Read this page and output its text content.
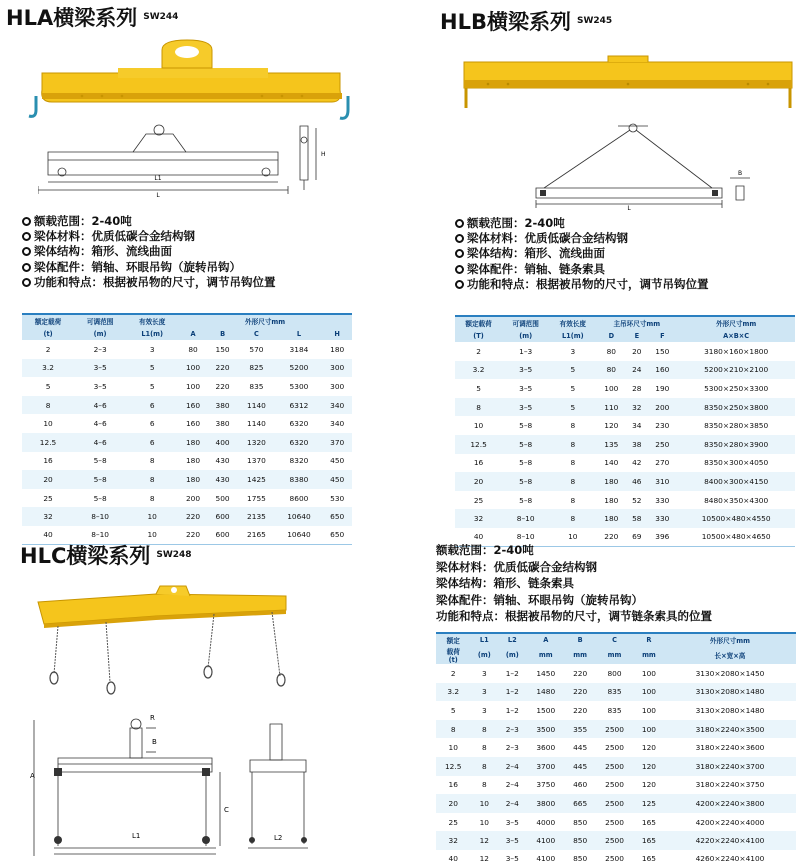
HLA横梁系列 SW244
L
L1
H
额载范围：2-40吨
梁体材料：优质低碳合金结构钢
梁体结构：箱形、流线曲面
梁体配件：销轴、环眼吊钩（旋转吊钩）
功能和特点：根据被吊物的尺寸，调节吊钩位置
额定载荷	可调范围	有效长度	外形尺寸mm				
(t)	(m)	L1(m)	A	B	C	L	H
2	2–3	3	80	150	570	3184	180
3.2	3–5	5	100	220	825	5200	300
5	3–5	5	100	220	835	5300	300
8	4–6	6	160	380	1140	6312	340
10	4–6	6	160	380	1140	6320	340
12.5	4–6	6	180	400	1320	6320	370
16	5–8	8	180	430	1370	8320	450
20	5–8	8	180	430	1425	8380	450
25	5–8	8	200	500	1755	8600	530
32	8–10	10	220	600	2135	10640	650
40	8–10	10	220	600	2165	10640	650
HLB横梁系列 SW245
L
B
额载范围：2-40吨
梁体材料：优质低碳合金结构钢
梁体结构：箱形、流线曲面
梁体配件：销轴、链条索具
功能和特点：根据被吊物的尺寸，调节吊钩位置
额定载荷	可调范围	有效长度	主吊环尺寸mm			外形尺寸mm
(T)	(m)	L1(m)	D	E	F	A×B×C
2	1–3	3	80	20	150	3180×160×1800
3.2	3–5	5	80	24	160	5200×210×2100
5	3–5	5	100	28	190	5300×250×3300
8	3–5	5	110	32	200	8350×250×3800
10	5–8	8	120	34	230	8350×280×3850
12.5	5–8	8	135	38	250	8350×280×3900
16	5–8	8	140	42	270	8350×300×4050
20	5–8	8	180	46	310	8400×300×4150
25	5–8	8	180	52	330	8480×350×4300
32	8–10	8	180	58	330	10500×480×4550
40	8–10	10	220	69	396	10500×480×4650
HLC横梁系列 SW248
R
B
A
C
L1	L2
额载范围：2-40吨
梁体材料：优质低碳合金结构钢
梁体结构：箱形、链条索具
梁体配件：销轴、环眼吊钩（旋转吊钩）
功能和特点：根据被吊物的尺寸，调节链条索具的位置
额定	L1	L2	A	B	C	R	外形尺寸mm
载荷
(t)	(m)	(m)	mm	mm	mm	mm	长×宽×高
2	3	1–2	1450	220	800	100	3130×2080×1450
3.2	3	1–2	1480	220	835	100	3130×2080×1480
5	3	1–2	1500	220	835	100	3130×2080×1480
8	8	2–3	3500	355	2500	100	3180×2240×3500
10	8	2–3	3600	445	2500	120	3180×2240×3600
12.5	8	2–4	3700	445	2500	120	3180×2240×3700
16	8	2–4	3750	460	2500	120	3180×2240×3750
20	10	2–4	3800	665	2500	125	4200×2240×3800
25	10	3–5	4000	850	2500	165	4200×2240×4000
32	12	3–5	4100	850	2500	165	4220×2240×4100
40	12	3–5	4100	850	2500	165	4260×2240×4100
